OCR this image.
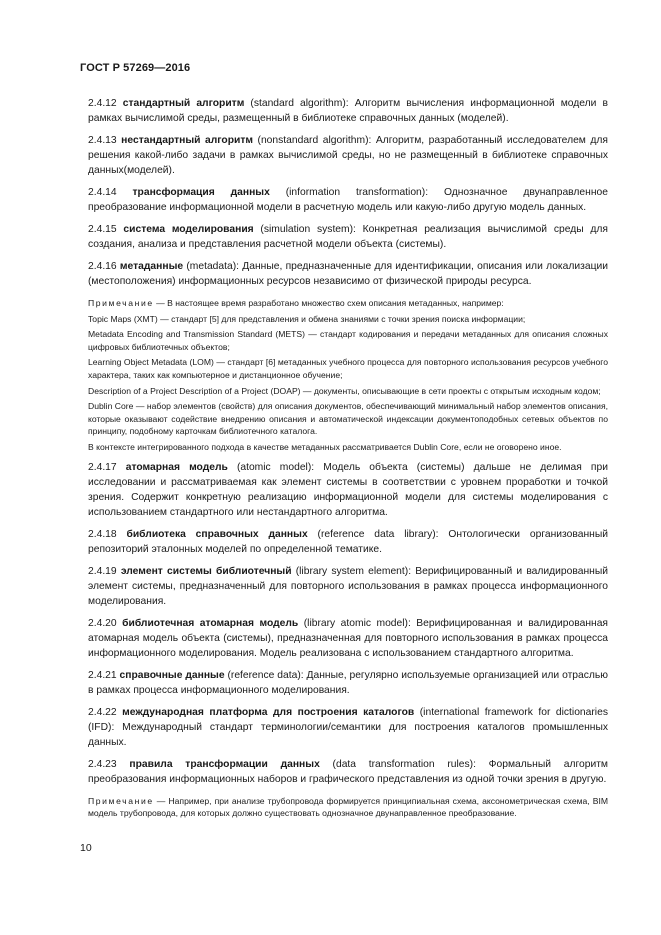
ГОСТ Р 57269—2016
2.4.12 стандартный алгоритм (standard algorithm): Алгоритм вычисления информационной модели в рамках вычислимой среды, размещенный в библиотеке справочных данных (моделей).
2.4.13 нестандартный алгоритм (nonstandard algorithm): Алгоритм, разработанный исследователем для решения какой-либо задачи в рамках вычислимой среды, но не размещенный в библиотеке справочных данных(моделей).
2.4.14 трансформация данных (information transformation): Однозначное двунаправленное преобразование информационной модели в расчетную модель или какую-либо другую модель данных.
2.4.15 система моделирования (simulation system): Конкретная реализация вычислимой среды для создания, анализа и представления расчетной модели объекта (системы).
2.4.16 метаданные (metadata): Данные, предназначенные для идентификации, описания или локализации (местоположения) информационных ресурсов независимо от физической природы ресурса.
Примечание — В настоящее время разработано множество схем описания метаданных, например:
Topic Maps (XMT) — стандарт [5] для представления и обмена знаниями с точки зрения поиска информации;
Metadata Encoding and Transmission Standard (METS) — стандарт кодирования и передачи метаданных для описания сложных цифровых библиотечных объектов;
Learning Object Metadata (LOM) — стандарт [6] метаданных учебного процесса для повторного использования ресурсов учебного характера, таких как компьютерное и дистанционное обучение;
Description of a Project Description of a Project (DOAP) — документы, описывающие в сети проекты с открытым исходным кодом;
Dublin Core — набор элементов (свойств) для описания документов, обеспечивающий минимальный набор элементов описания, которые оказывают содействие внедрению описания и автоматической индексации документоподобных сетевых объектов по принципу, подобному карточкам библиотечного каталога.
В контексте интегрированного подхода в качестве метаданных рассматривается Dublin Core, если не оговорено иное.
2.4.17 атомарная модель (atomic model): Модель объекта (системы) дальше не делимая при исследовании и рассматриваемая как элемент системы в соответствии с уровнем проработки и точкой зрения. Содержит конкретную реализацию информационной модели для системы моделирования с использованием стандартного или нестандартного алгоритма.
2.4.18 библиотека справочных данных (reference data library): Онтологически организованный репозиторий эталонных моделей по определенной тематике.
2.4.19 элемент системы библиотечный (library system element): Верифицированный и валидированный элемент системы, предназначенный для повторного использования в рамках процесса информационного моделирования.
2.4.20 библиотечная атомарная модель (library atomic model): Верифицированная и валидированная атомарная модель объекта (системы), предназначенная для повторного использования в рамках процесса информационного моделирования. Модель реализована с использованием стандартного алгоритма.
2.4.21 справочные данные (reference data): Данные, регулярно используемые организацией или отраслью в рамках процесса информационного моделирования.
2.4.22 международная платформа для построения каталогов (international framework for dictionaries (IFD): Международный стандарт терминологии/семантики для построения каталогов промышленных данных.
2.4.23 правила трансформации данных (data transformation rules): Формальный алгоритм преобразования информационных наборов и графического представления из одной точки зрения в другую.
Примечание — Например, при анализе трубопровода формируется принципиальная схема, аксонометрическая схема, BIM модель трубопровода, для которых должно существовать однозначное двунаправленное преобразование.
10
